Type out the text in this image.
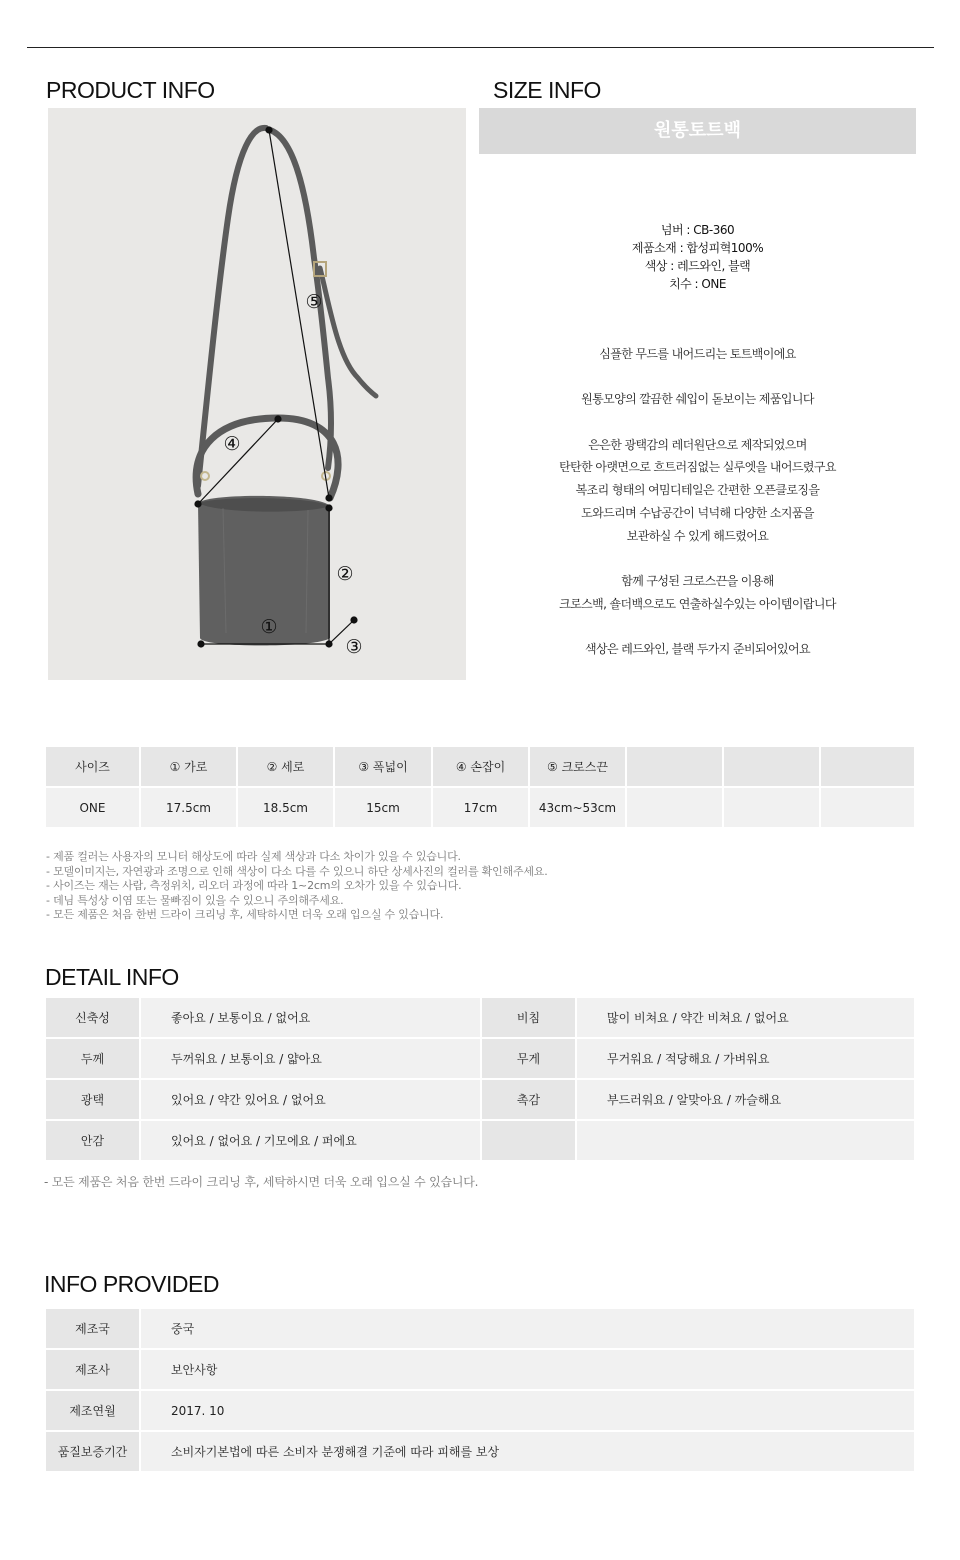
PRODUCT INFO	SIZE INFO
①
②
③
④
⑤
원통토트백
넘버 : CB-360
제품소재 : 합성피혁100%
색상 : 레드와인, 블랙
치수 : ONE
심플한 무드를 내어드리는 토트백이에요
원통모양의 깔끔한 쉐입이 돋보이는 제품입니다
은은한 광택감의 레더원단으로 제작되었으며
탄탄한 아랫면으로 흐트러짐없는 실루엣을 내어드렸구요
복조리 형태의 여밈디테일은 간편한 오픈클로징을
도와드리며 수납공간이 넉넉해 다양한 소지품을
보관하실 수 있게 해드렸어요
함께 구성된 크로스끈을 이용해
크로스백, 숄더백으로도 연출하실수있는 아이템이랍니다
색상은 레드와인, 블랙 두가지 준비되어있어요
사이즈	① 가로	② 세로	③ 폭넓이	④ 손잡이	⑤ 크로스끈			
ONE	17.5cm	18.5cm	15cm	17cm	43cm~53cm			
- 제품 컬러는 사용자의 모니터 해상도에 따라 실제 색상과 다소 차이가 있을 수 있습니다.
- 모델이미지는, 자연광과 조명으로 인해 색상이 다소 다를 수 있으니 하단 상세사진의 컬러를 확인해주세요.
- 사이즈는 재는 사람, 측정위치, 리오더 과정에 따라 1~2cm의 오차가 있을 수 있습니다.
- 데님 특성상 이염 또는 물빠짐이 있을 수 있으니 주의해주세요.
- 모든 제품은 처음 한번 드라이 크리닝 후, 세탁하시면 더욱 오래 입으실 수 있습니다.
DETAIL INFO
신축성	좋아요 / 보통이요 / 없어요	비침	많이 비쳐요 / 약간 비쳐요 / 없어요
두께	두꺼워요 / 보통이요 / 얇아요	무게	무거워요 / 적당해요 / 가벼워요
광택	있어요 / 약간 있어요 / 없어요	촉감	부드러워요 / 알맞아요 / 까슬해요
안감	있어요 / 없어요 / 기모에요 / 퍼에요		
- 모든 제품은 처음 한번 드라이 크리닝 후, 세탁하시면 더욱 오래 입으실 수 있습니다.
INFO PROVIDED
제조국	중국
제조사	보안사항
제조연월	2017. 10
품질보증기간	소비자기본법에 따른 소비자 분쟁해결 기준에 따라 피해를 보상
